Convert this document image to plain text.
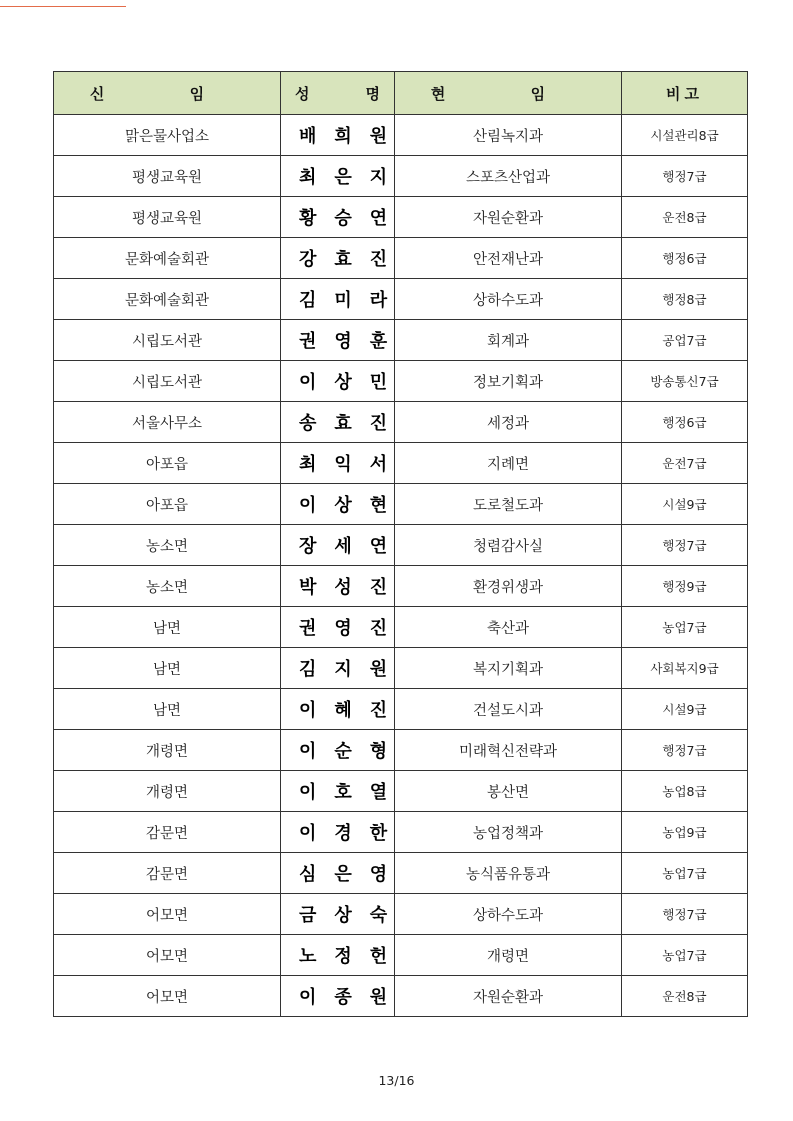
신 임	성 명	현 임	비고
맑은물사업소	배희원	산림녹지과	시설관리8급
평생교육원	최은지	스포츠산업과	행정7급
평생교육원	황승연	자원순환과	운전8급
문화예술회관	강효진	안전재난과	행정6급
문화예술회관	김미라	상하수도과	행정8급
시립도서관	권영훈	회계과	공업7급
시립도서관	이상민	정보기획과	방송통신7급
서울사무소	송효진	세정과	행정6급
아포읍	최익서	지례면	운전7급
아포읍	이상현	도로철도과	시설9급
농소면	장세연	청렴감사실	행정7급
농소면	박성진	환경위생과	행정9급
남면	권영진	축산과	농업7급
남면	김지원	복지기획과	사회복지9급
남면	이혜진	건설도시과	시설9급
개령면	이순형	미래혁신전략과	행정7급
개령면	이호열	봉산면	농업8급
감문면	이경한	농업정책과	농업9급
감문면	심은영	농식품유통과	농업7급
어모면	금상숙	상하수도과	행정7급
어모면	노정헌	개령면	농업7급
어모면	이종원	자원순환과	운전8급
13/16
